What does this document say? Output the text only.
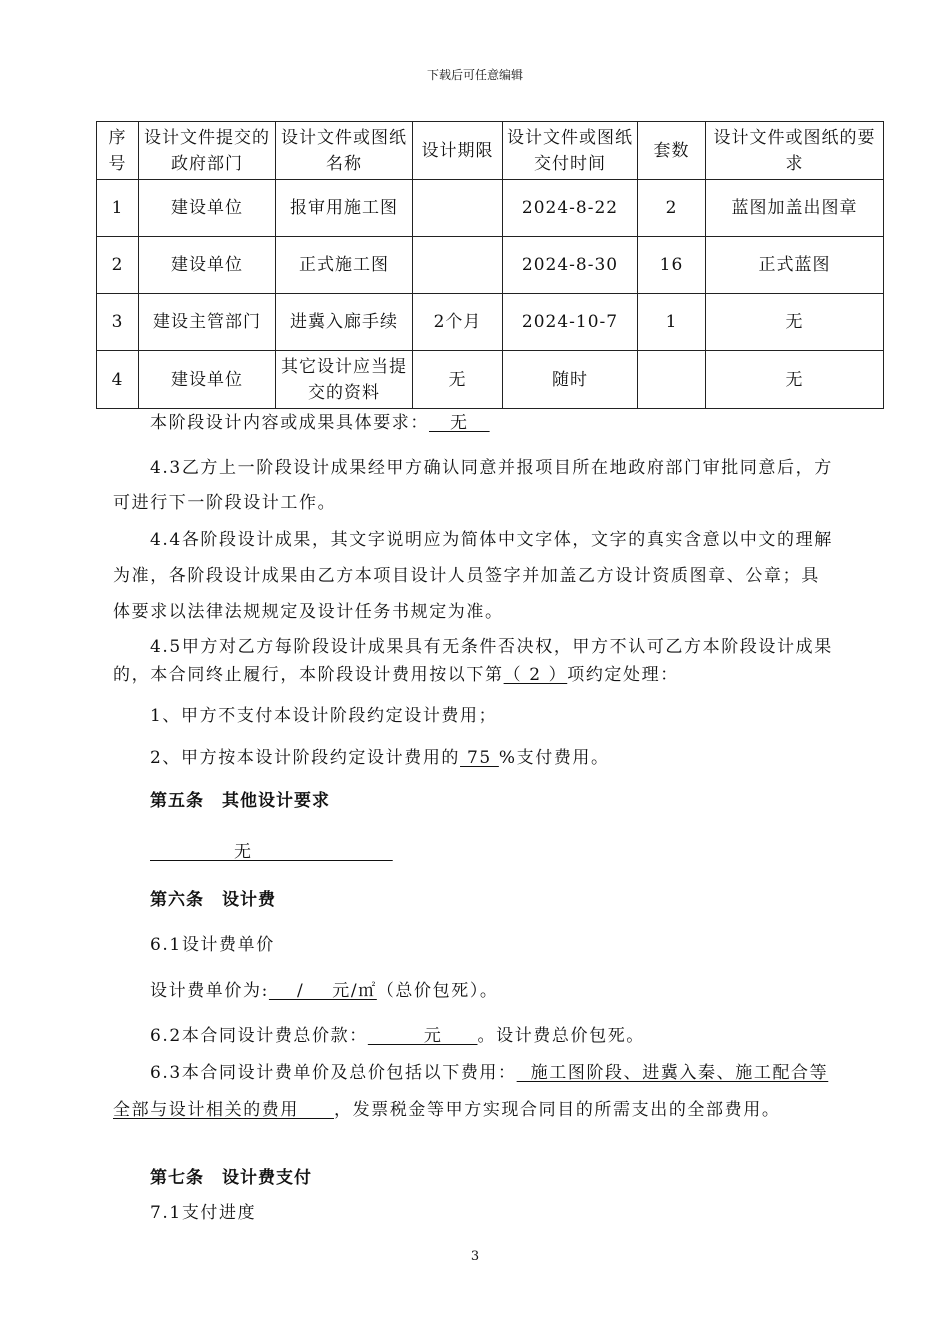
下载后可任意编辑
序号	设计文件提交的政府部门	设计文件或图纸名称	设计期限	设计文件或图纸交付时间	套数	设计文件或图纸的要求
1	建设单位	报审用施工图		2024-8-22	2	蓝图加盖出图章
2	建设单位	正式施工图		2024-8-30	16	正式蓝图
3	建设主管部门	进冀入廊手续	2个月	2024-10-7	1	无
4	建设单位	其它设计应当提交的资料	无	随时		无
本阶段设计内容或成果具体要求：   无
4.3乙方上一阶段设计成果经甲方确认同意并报项目所在地政府部门审批同意后，方
可进行下一阶段设计工作。
4.4各阶段设计成果，其文字说明应为简体中文字体，文字的真实含意以中文的理解
为准，各阶段设计成果由乙方本项目设计人员签字并加盖乙方设计资质图章、公章；具
体要求以法律法规规定及设计任务书规定为准。
4.5甲方对乙方每阶段设计成果具有无条件否决权，甲方不认可乙方本阶段设计成果
的，本合同终止履行，本阶段设计费用按以下第（ 2 ）项约定处理：
1、甲方不支付本设计阶段约定设计费用；
2、甲方按本设计阶段约定设计费用的 75 %支付费用。
第五条　其他设计要求
无
第六条　设计费
6.1设计费单价
设计费单价为:    /    元/㎡（总价包死）。
6.2本合同设计费总价款：        元     。设计费总价包死。
6.3本合同设计费单价及总价包括以下费用：  施工图阶段、进冀入秦、施工配合等
全部与设计相关的费用     ，发票税金等甲方实现合同目的所需支出的全部费用。
第七条　设计费支付
7.1支付进度
3
